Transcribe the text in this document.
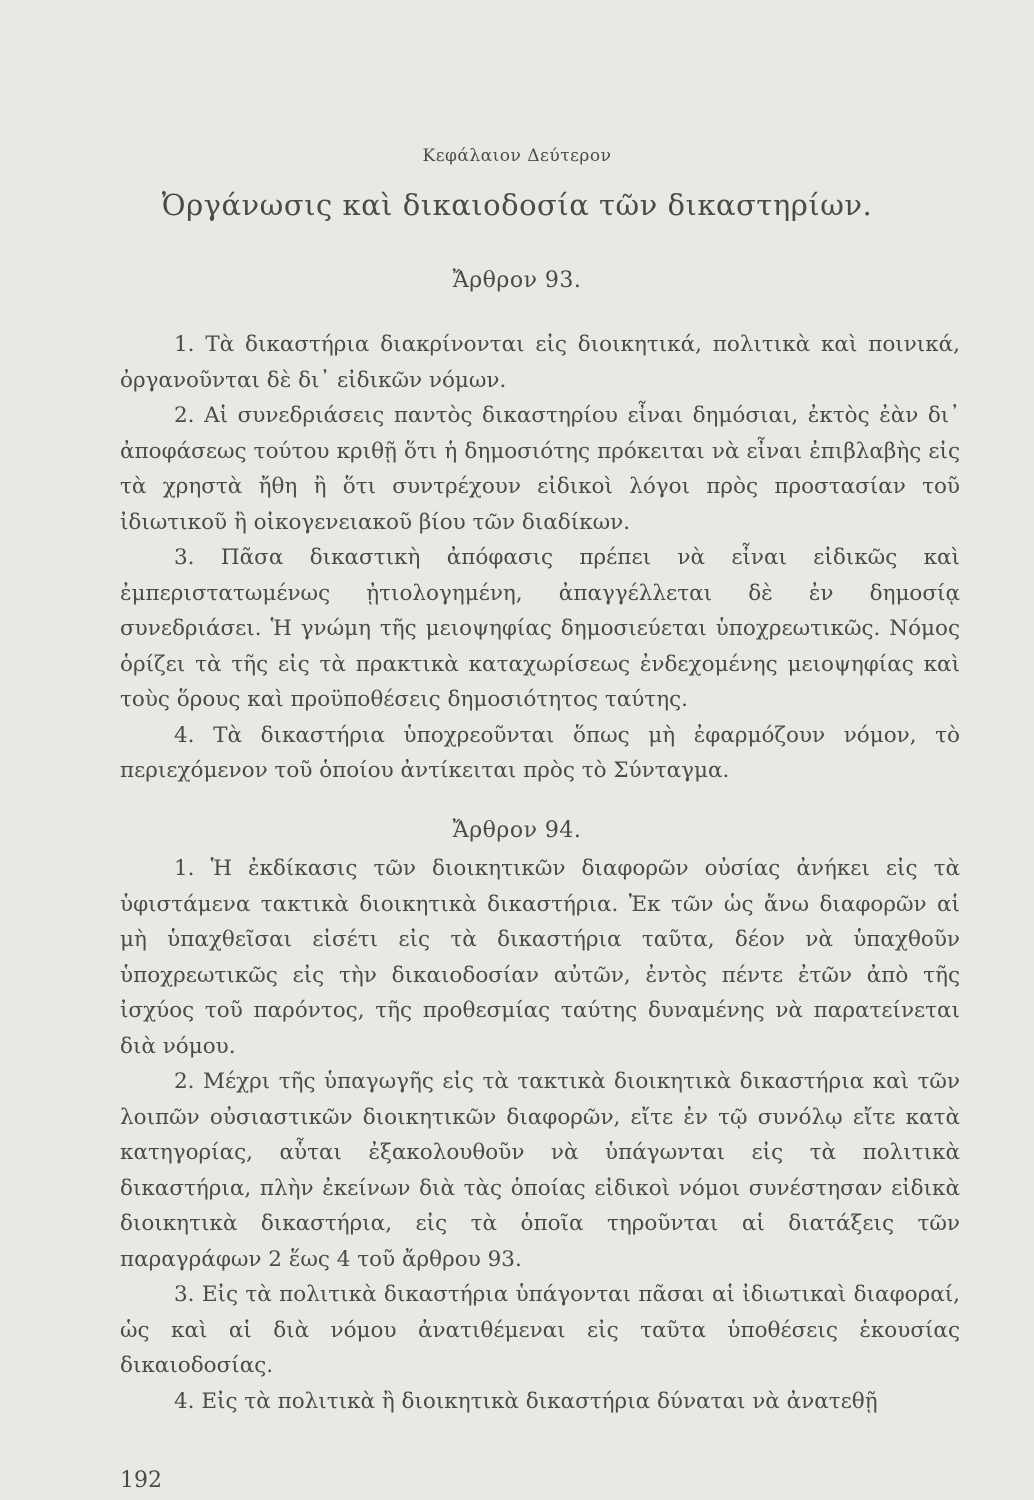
Κεφάλαιον Δεύτερον
Ὀργάνωσις καὶ δικαιοδοσία τῶν δικαστηρίων.
Ἄρθρον 93.

1. Τὰ δικαστήρια διακρίνονται εἰς διοικητικά, πολιτικὰ καὶ ποινικά, ὀργανοῦνται δὲ δι᾿ εἰδικῶν νόμων.

2. Αἱ συνεδριάσεις παντὸς δικαστηρίου εἶναι δημόσιαι, ἐκτὸς ἐὰν δι᾿ ἀποφάσεως τούτου κριθῇ ὅτι ἡ δημοσιότης πρόκειται νὰ εἶναι ἐπιβλαβὴς εἰς τὰ χρηστὰ ἤθη ἢ ὅτι συντρέχουν εἰδικοὶ λόγοι πρὸς προστασίαν τοῦ ἰδιωτικοῦ ἢ οἰκογενειακοῦ βίου τῶν διαδίκων.

3. Πᾶσα δικαστικὴ ἀπόφασις πρέπει νὰ εἶναι εἰδικῶς καὶ ἐμπεριστατωμένως ᾐτιολογημένη, ἀπαγγέλλεται δὲ ἐν δημοσίᾳ συνεδριάσει. Ἡ γνώμη τῆς μειοψηφίας δημοσιεύεται ὑποχρεωτικῶς. Νόμος ὁρίζει τὰ τῆς εἰς τὰ πρακτικὰ καταχωρίσεως ἐνδεχομένης μειοψηφίας καὶ τοὺς ὅρους καὶ προϋποθέσεις δημοσιότητος ταύτης.

4. Τὰ δικαστήρια ὑποχρεοῦνται ὅπως μὴ ἐφαρμόζουν νόμον, τὸ περιεχόμενον τοῦ ὁποίου ἀντίκειται πρὸς τὸ Σύνταγμα.

Ἄρθρον 94.

1. Ἡ ἐκδίκασις τῶν διοικητικῶν διαφορῶν οὐσίας ἀνήκει εἰς τὰ ὑφιστάμενα τακτικὰ διοικητικὰ δικαστήρια. Ἐκ τῶν ὡς ἄνω διαφορῶν αἱ μὴ ὑπαχθεῖσαι εἰσέτι εἰς τὰ δικαστήρια ταῦτα, δέον νὰ ὑπαχθοῦν ὑποχρεωτικῶς εἰς τὴν δικαιοδοσίαν αὐτῶν, ἐντὸς πέντε ἐτῶν ἀπὸ τῆς ἰσχύος τοῦ παρόντος, τῆς προθεσμίας ταύτης δυναμένης νὰ παρατείνεται διὰ νόμου.

2. Μέχρι τῆς ὑπαγωγῆς εἰς τὰ τακτικὰ διοικητικὰ δικαστήρια καὶ τῶν λοιπῶν οὐσιαστικῶν διοικητικῶν διαφορῶν, εἴτε ἐν τῷ συνόλῳ εἴτε κατὰ κατηγορίας, αὗται ἐξακολουθοῦν νὰ ὑπάγωνται εἰς τὰ πολιτικὰ δικαστήρια, πλὴν ἐκείνων διὰ τὰς ὁποίας εἰδικοὶ νόμοι συνέστησαν εἰδικὰ διοικητικὰ δικαστήρια, εἰς τὰ ὁποῖα τηροῦνται αἱ διατάξεις τῶν παραγράφων 2 ἕως 4 τοῦ ἄρθρου 93.

3. Εἰς τὰ πολιτικὰ δικαστήρια ὑπάγονται πᾶσαι αἱ ἰδιωτικαὶ διαφοραί, ὡς καὶ αἱ διὰ νόμου ἀνατιθέμεναι εἰς ταῦτα ὑποθέσεις ἑκουσίας δικαιοδοσίας.

4. Εἰς τὰ πολιτικὰ ἢ διοικητικὰ δικαστήρια δύναται νὰ ἀνατεθῇ

192
